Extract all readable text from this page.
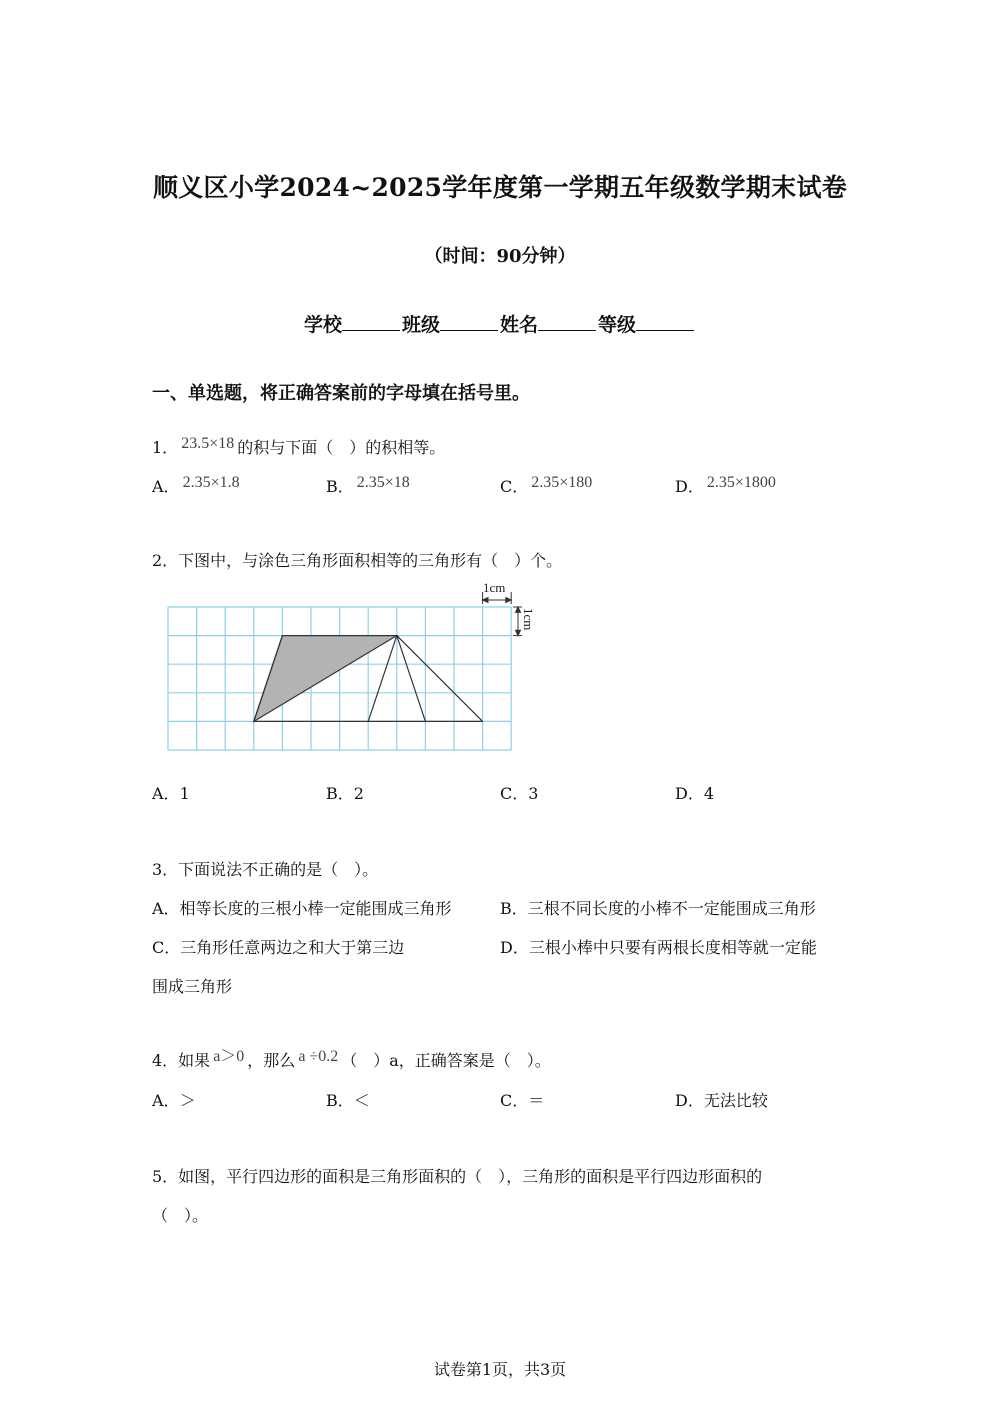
顺义区小学2024~2025学年度第一学期五年级数学期末试卷
（时间：90分钟）
学校	班级	姓名	等级
一、单选题，将正确答案前的字母填在括号里。
1． 23.5×18 的积与下面（　）的积相等。
A． 2.35×1.8	B． 2.35×18	C． 2.35×180	D． 2.35×1800
2．下图中，与涂色三角形面积相等的三角形有（　）个。
1cm
1cm
A．1	B．2	C．3	D．4
3．下面说法不正确的是（　）。
A．相等长度的三根小棒一定能围成三角形	B．三根不同长度的小棒不一定能围成三角形
C．三角形任意两边之和大于第三边	D．三根小棒中只要有两根长度相等就一定能
围成三角形
4．如果 a＞0 ，那么 a ÷0.2 （　）a，正确答案是（　）。
A．＞	B．＜	C．＝	D．无法比较
5．如图，平行四边形的面积是三角形面积的（　），三角形的面积是平行四边形面积的
（　）。
试卷第1页，共3页
